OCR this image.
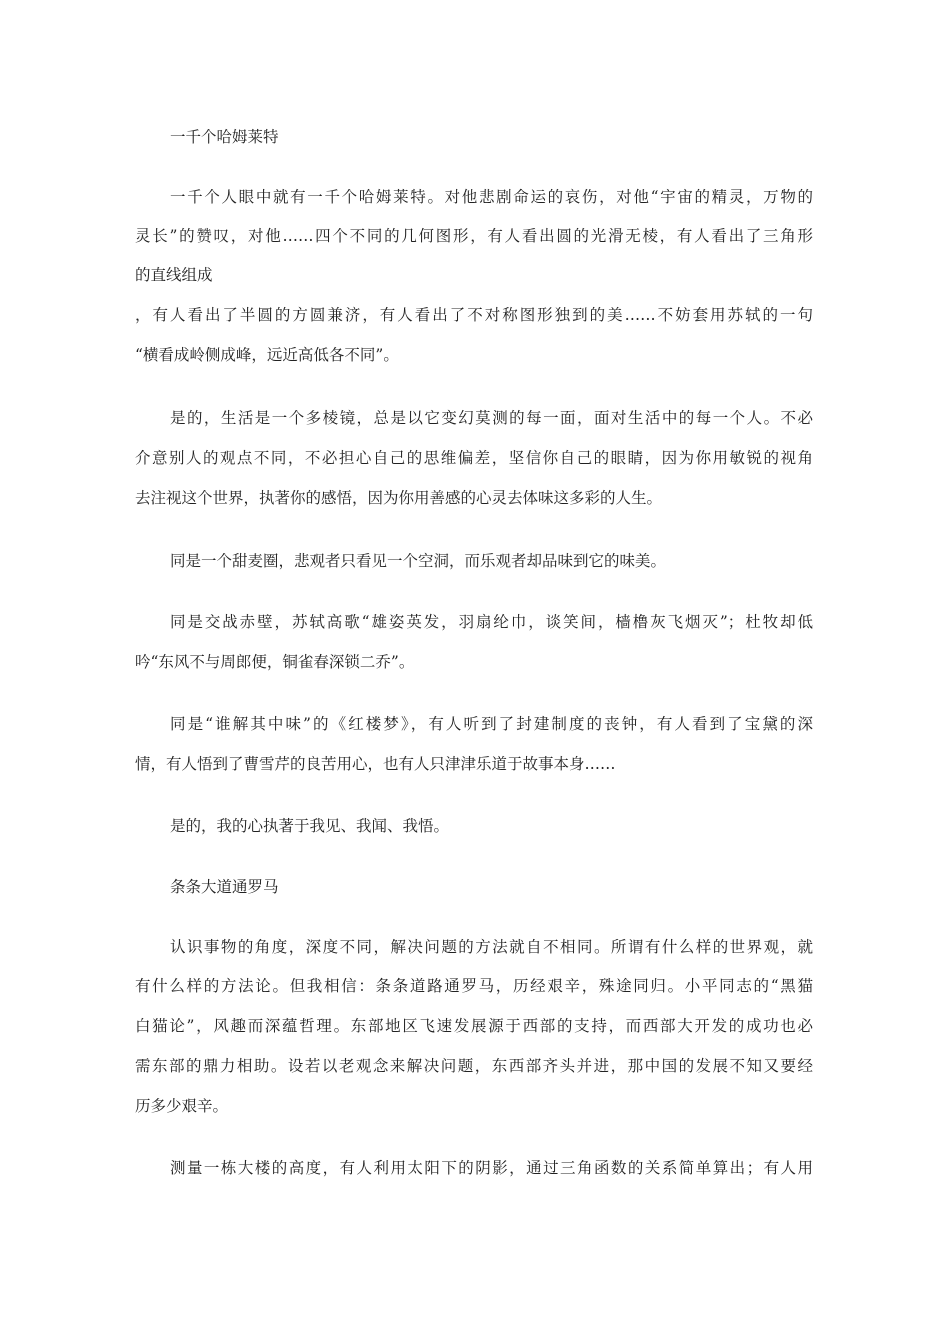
一千个哈姆莱特
一千个人眼中就有一千个哈姆莱特。对他悲剧命运的哀伤，对他“宇宙的精灵，万物的
灵长”的赞叹，对他……四个不同的几何图形，有人看出圆的光滑无棱，有人看出了三角形
的直线组成
，有人看出了半圆的方圆兼济，有人看出了不对称图形独到的美……不妨套用苏轼的一句
“横看成岭侧成峰，远近高低各不同”。
是的，生活是一个多棱镜，总是以它变幻莫测的每一面，面对生活中的每一个人。不必
介意别人的观点不同，不必担心自己的思维偏差，坚信你自己的眼睛，因为你用敏锐的视角
去注视这个世界，执著你的感悟，因为你用善感的心灵去体味这多彩的人生。
同是一个甜麦圈，悲观者只看见一个空洞，而乐观者却品味到它的味美。
同是交战赤壁，苏轼高歌“雄姿英发，羽扇纶巾，谈笑间，樯橹灰飞烟灭”；杜牧却低
吟“东风不与周郎便，铜雀春深锁二乔”。
同是“谁解其中味”的《红楼梦》，有人听到了封建制度的丧钟，有人看到了宝黛的深
情，有人悟到了曹雪芹的良苦用心，也有人只津津乐道于故事本身……
是的，我的心执著于我见、我闻、我悟。
条条大道通罗马
认识事物的角度，深度不同，解决问题的方法就自不相同。所谓有什么样的世界观，就
有什么样的方法论。但我相信：条条道路通罗马，历经艰辛，殊途同归。小平同志的“黑猫
白猫论”，风趣而深蕴哲理。东部地区飞速发展源于西部的支持，而西部大开发的成功也必
需东部的鼎力相助。设若以老观念来解决问题，东西部齐头并进，那中国的发展不知又要经
历多少艰辛。
测量一栋大楼的高度，有人利用太阳下的阴影，通过三角函数的关系简单算出；有人用
